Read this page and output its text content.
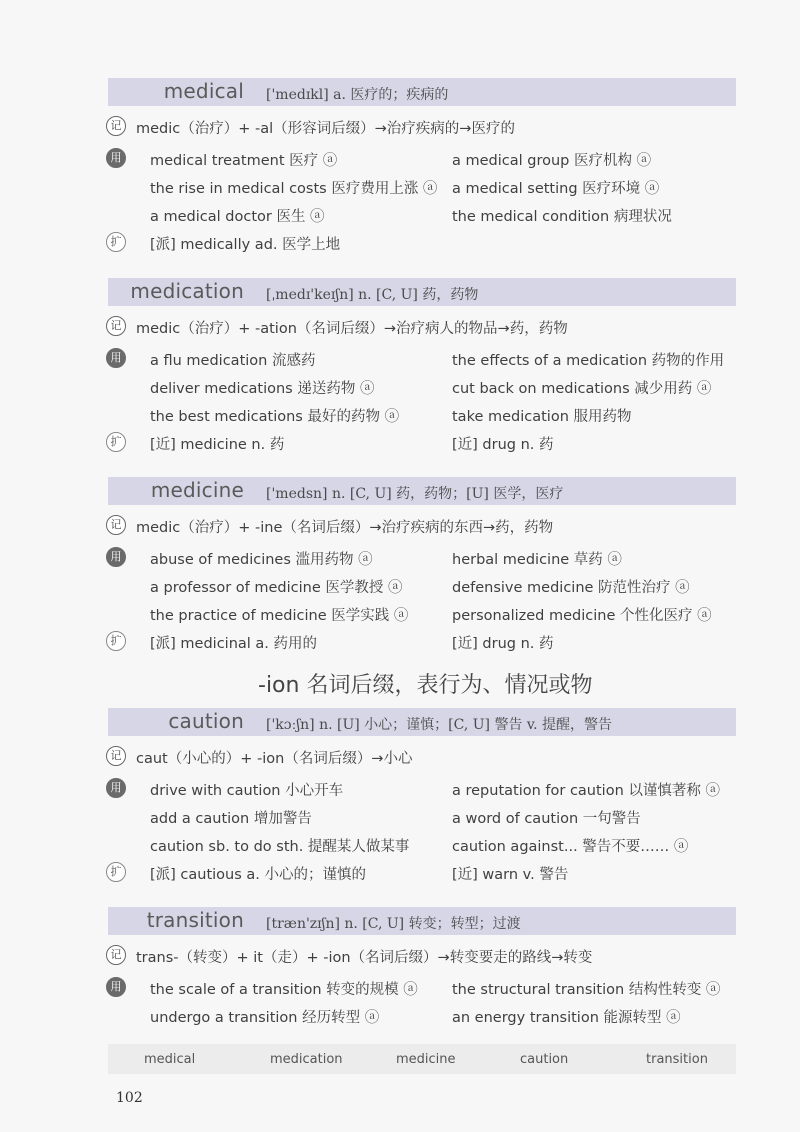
medical ['medɪkl] a. 医疗的；疾病的
记	medic（治疗）+ -al（形容词后缀）→治疗疾病的→医疗的
用	medical treatment 医疗 ⓐ	a medical group 医疗机构 ⓐ
the rise in medical costs 医疗费用上涨 ⓐ a medical setting 医疗环境 ⓐ
a medical doctor 医生 ⓐ	the medical condition 病理状况
扩	[派] medically ad. 医学上地
medication [ˌmedɪ'keɪʃn] n. [C, U] 药，药物
记	medic（治疗）+ -ation（名词后缀）→治疗病人的物品→药，药物
用	a flu medication 流感药	the effects of a medication 药物的作用
deliver medications 递送药物 ⓐ	cut back on medications 减少用药 ⓐ
the best medications 最好的药物 ⓐ	take medication 服用药物
扩	[近] medicine n. 药	[近] drug n. 药
medicine ['medsn] n. [C, U] 药，药物；[U] 医学，医疗
记	medic（治疗）+ -ine（名词后缀）→治疗疾病的东西→药，药物
用	abuse of medicines 滥用药物 ⓐ	herbal medicine 草药 ⓐ
a professor of medicine 医学教授 ⓐ	defensive medicine 防范性治疗 ⓐ
the practice of medicine 医学实践 ⓐ	personalized medicine 个性化医疗 ⓐ
扩	[派] medicinal a. 药用的	[近] drug n. 药
-ion 名词后缀，表行为、情况或物
caution ['kɔːʃn] n. [U] 小心；谨慎；[C, U] 警告 v. 提醒，警告
记	caut（小心的）+ -ion（名词后缀）→小心
用	drive with caution 小心开车	a reputation for caution 以谨慎著称 ⓐ
add a caution 增加警告	a word of caution 一句警告
caution sb. to do sth. 提醒某人做某事	caution against... 警告不要…… ⓐ
扩	[派] cautious a. 小心的；谨慎的	[近] warn v. 警告
transition [træn'zɪʃn] n. [C, U] 转变；转型；过渡
记	trans-（转变）+ it（走）+ -ion（名词后缀）→转变要走的路线→转变
用	the scale of a transition 转变的规模 ⓐ the structural transition 结构性转变 ⓐ
undergo a transition 经历转型 ⓐ	an energy transition 能源转型 ⓐ
medical	medication	medicine	caution	transition
102
